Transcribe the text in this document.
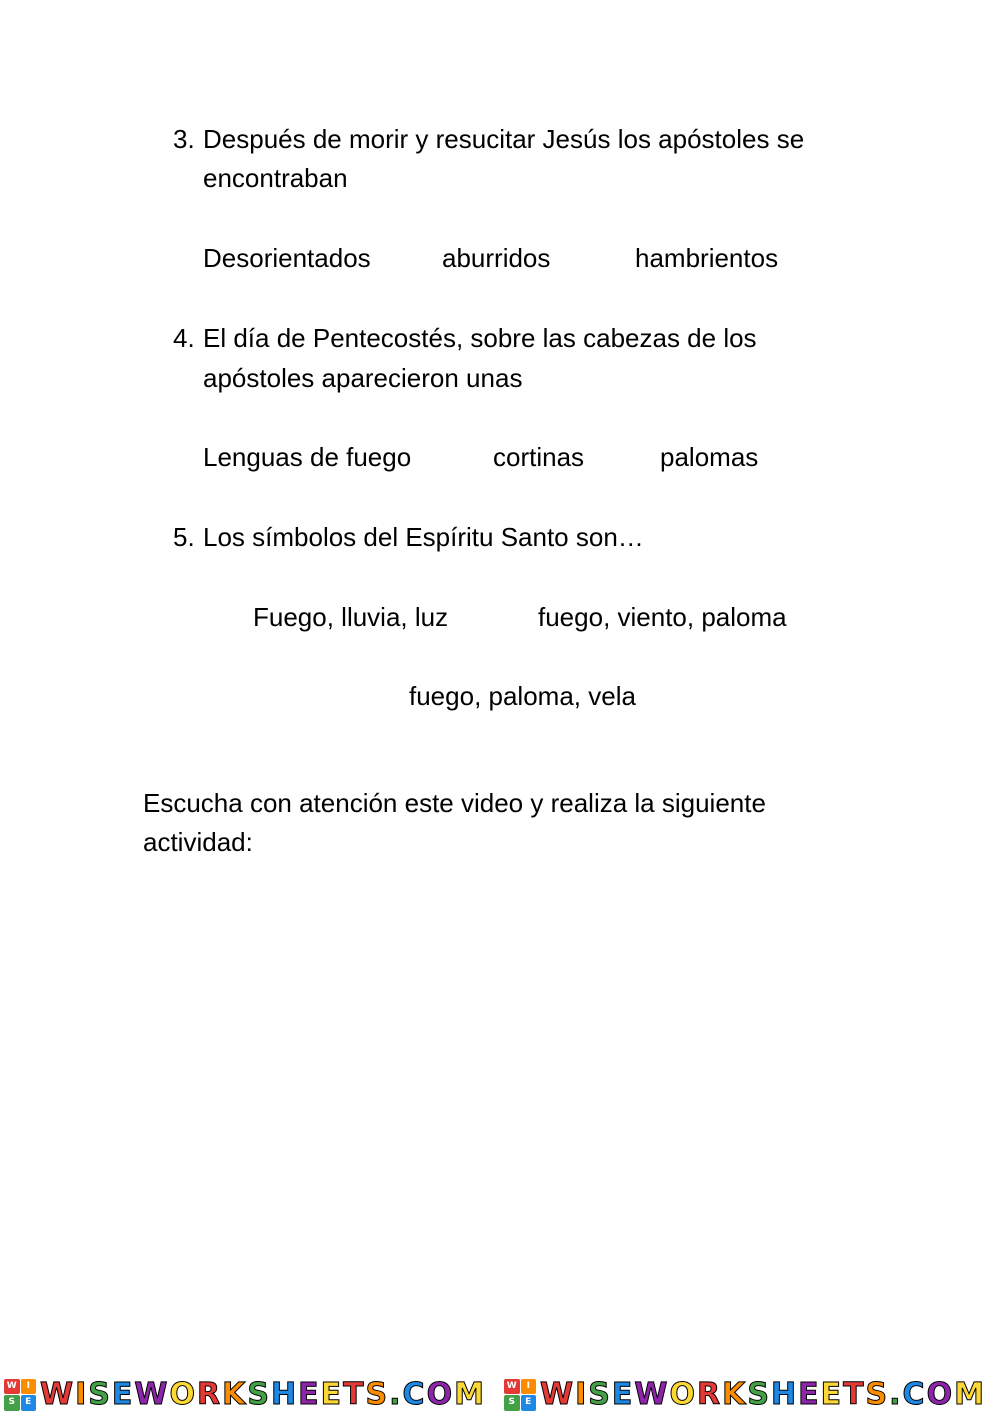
3. Después de morir y resucitar Jesús los apóstoles se
encontraban
Desorientados	aburridos	hambrientos
4. El día de Pentecostés, sobre las cabezas de los
apóstoles aparecieron unas
Lenguas de fuego	cortinas	palomas
5. Los símbolos del Espíritu Santo son…
Fuego, lluvia, luz	fuego, viento, paloma
fuego, paloma, vela
Escucha con atención este video y realiza la siguiente
actividad:
W	I
S	E WISEWORKSHEETS.COM	W	I
S	E WISEWORKSHEETS.COM
